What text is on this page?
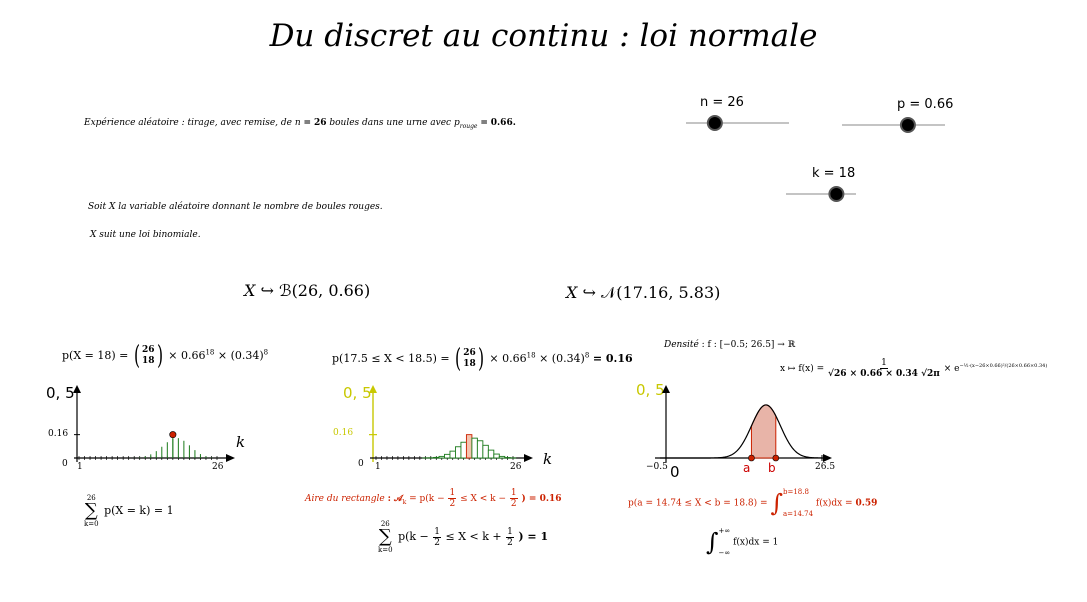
Du discret au continu : loi normale
Expérience aléatoire : tirage, avec remise, de n = 26 boules dans une urne avec $p_{rouge} = 0.66$.
Soit X la variable aléatoire donnant le nombre de boules rouges.
X suit une loi binomiale.
n = 26	p = 0.66
k = 18
X ↪ ℬ(26, 0.66)	X ↪ 𝒩(17.16, 5.83)
p(X = 18) = ( 26
18 ) × $0.66^{18} \times (0.34)^8$
0, 5
0.16	k
0 1	26
26
∑
k=0
p(X = k) = 1
p(17.5 ≤ X < 18.5) = ( 26
18 ) × $0.66^{18} \times (0.34)^8 = 0.16$
0, 5
0.16
k
0 1	26
Aire du rectangle : 𝒜$_k$ = $p(k - \frac{1}{2} \le X < k - \frac{1}{2}$ ) = 0.16
26
∑
k=0
$p(k - \frac{1}{2} \le X < k + \frac{1}{2}$ ) = 1
Densité : f : [−0.5; 26.5] → ℝ
x ↦ $f(x) = \frac{1}{√26 \times 0.66 \times 0.34 √2\pi} \times e^{-\frac{1}{2}\cdot(x-26\times 0.66)^2/(26\times 0.66\times 0.34)}$
0, 5
−0.5 0	a b	26.5
p(a = 14.74 ≤ X < b = 18.8) = ∫ b=18.8
a=14.74
f(x)dx = 0.59
∫ +∞
−∞
f(x)dx = 1
